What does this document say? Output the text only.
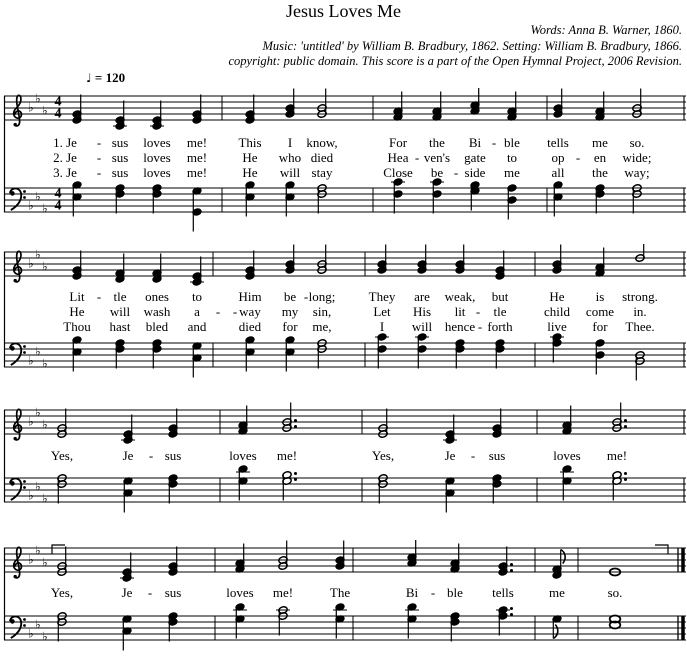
Jesus Loves Me
Words: Anna B. Warner, 1860.
Music: 'untitled' by William B. Bradbury, 1862. Setting: William B. Bradbury, 1866.
copyright: public domain. This score is a part of the Open Hymnal Project, 2006 Revision.
♩ = 120
♭
♭
♭
♭
♭
♭
4
4
4
4
1. Je - sus loves me! This I know,	For the Bi - ble tells me so.
2. Je - sus loves me!	He who died	Hea - ven's gate to	op - en wide;
3. Je - sus loves me!	He will stay	Close be - side me all the way;
♭
♭
♭
♭
♭
♭
Lit - tle ones to	Him be - long;	They are weak, but	He is strong.
He will wash a - - way my sin,	Let His lit - tle	child come in.
Thou hast bled and died for me,	I will hence - forth	live for Thee.
♭
♭
♭
♭
♭
♭
Yes,	Je - sus	loves me!	Yes,	Je - sus	loves me!
♭
♭
♭
♭
♭
♭
Yes,	Je - sus	loves me!	The	Bi - ble tells	me	so.
